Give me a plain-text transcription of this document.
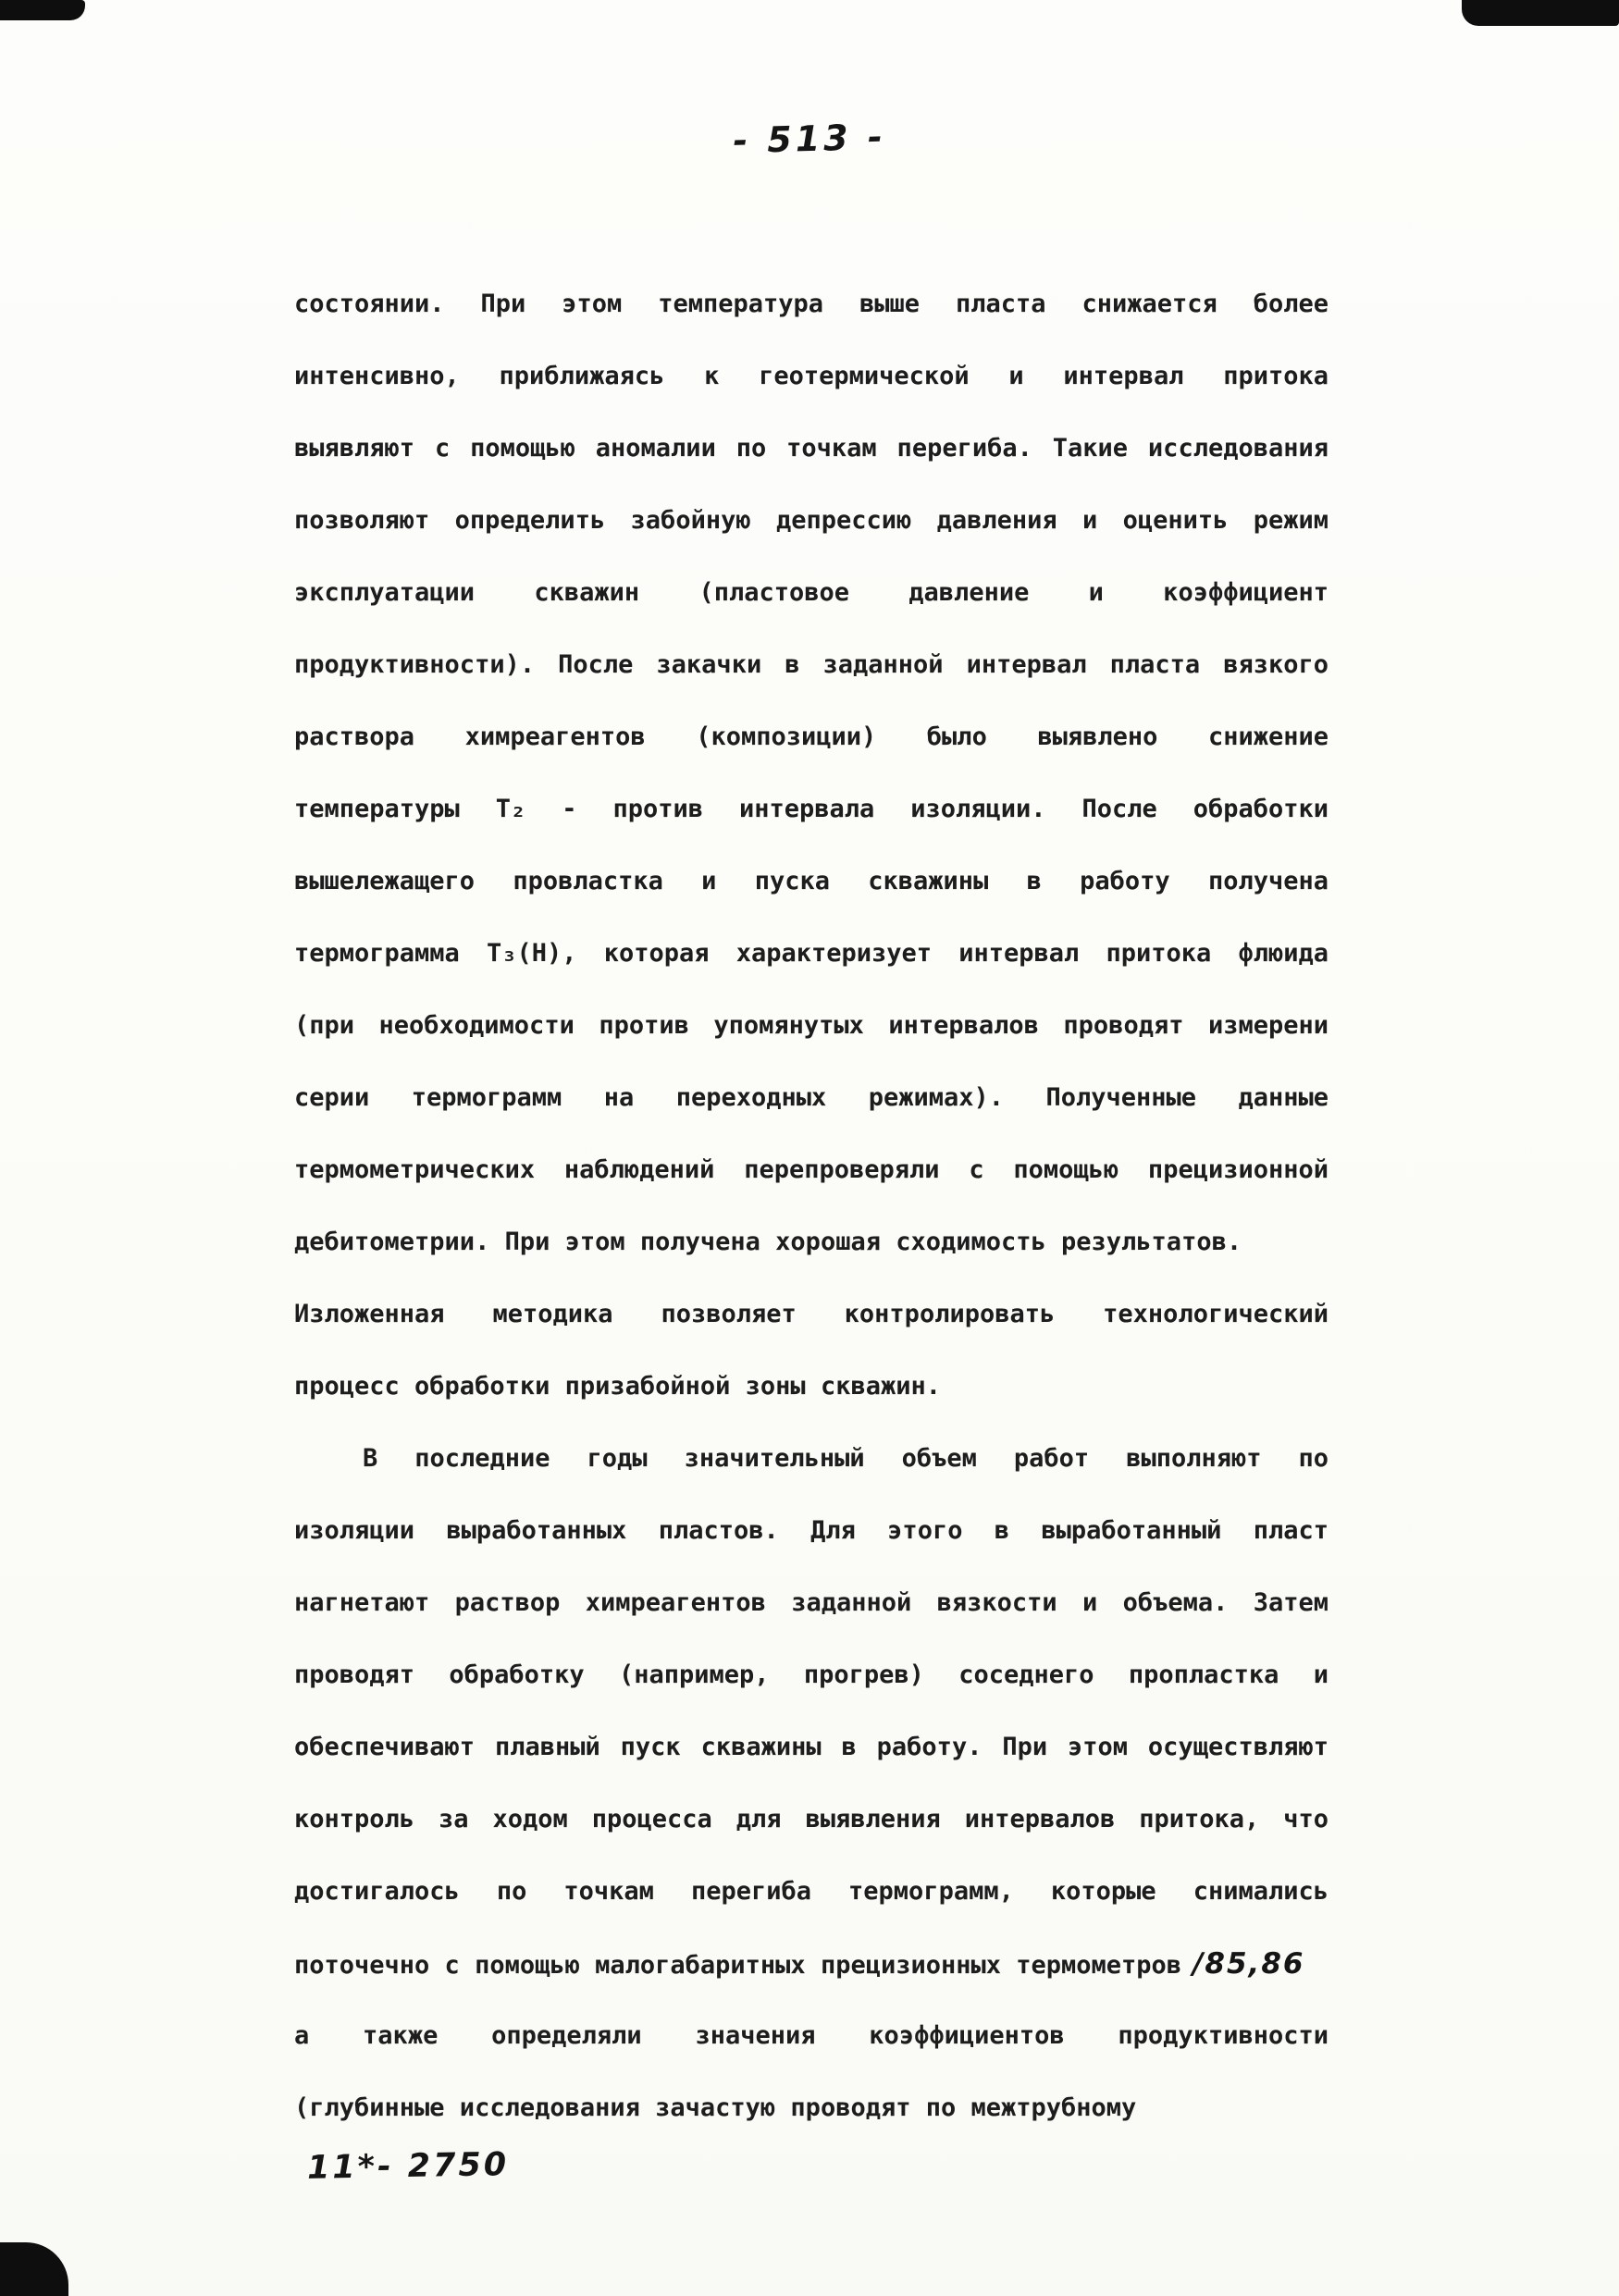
- 513 -
состоянии. При этом температура выше пласта снижается более
интенсивно, приближаясь к геотермической и интервал притока
выявляют с помощью аномалии по точкам перегиба. Такие исследования
позволяют определить забойную депрессию давления и оценить режим
эксплуатации скважин (пластовое давление и коэффициент
продуктивности). После закачки в заданной интервал пласта вязкого
раствора химреагентов (композиции) было выявлено снижение
температуры Т₂ - против интервала изоляции. После обработки
вышележащего провластка и пуска скважины в работу получена
термограмма Т₃(Н), которая характеризует интервал притока флюида
(при необходимости против упомянутых интервалов проводят измерени
серии термограмм на переходных режимах). Полученные данные
термометрических наблюдений перепроверяли с помощью прецизионной
дебитометрии. При этом получена хорошая сходимость результатов.
Изложенная методика позволяет контролировать технологический
процесс обработки призабойной зоны скважин.
В последние годы значительный объем работ выполняют по
изоляции выработанных пластов. Для этого в выработанный пласт
нагнетают раствор химреагентов заданной вязкости и объема. Затем
проводят обработку (например, прогрев) соседнего пропластка и
обеспечивают плавный пуск скважины в работу. При этом осуществляют
контроль за ходом процесса для выявления интервалов притока, что
достигалось по точкам перегиба термограмм, которые снимались
поточечно с помощью малогабаритных прецизионных термометров /85,86
а также определяли значения коэффициентов продуктивности
(глубинные исследования зачастую проводят по межтрубному
11*- 2750
